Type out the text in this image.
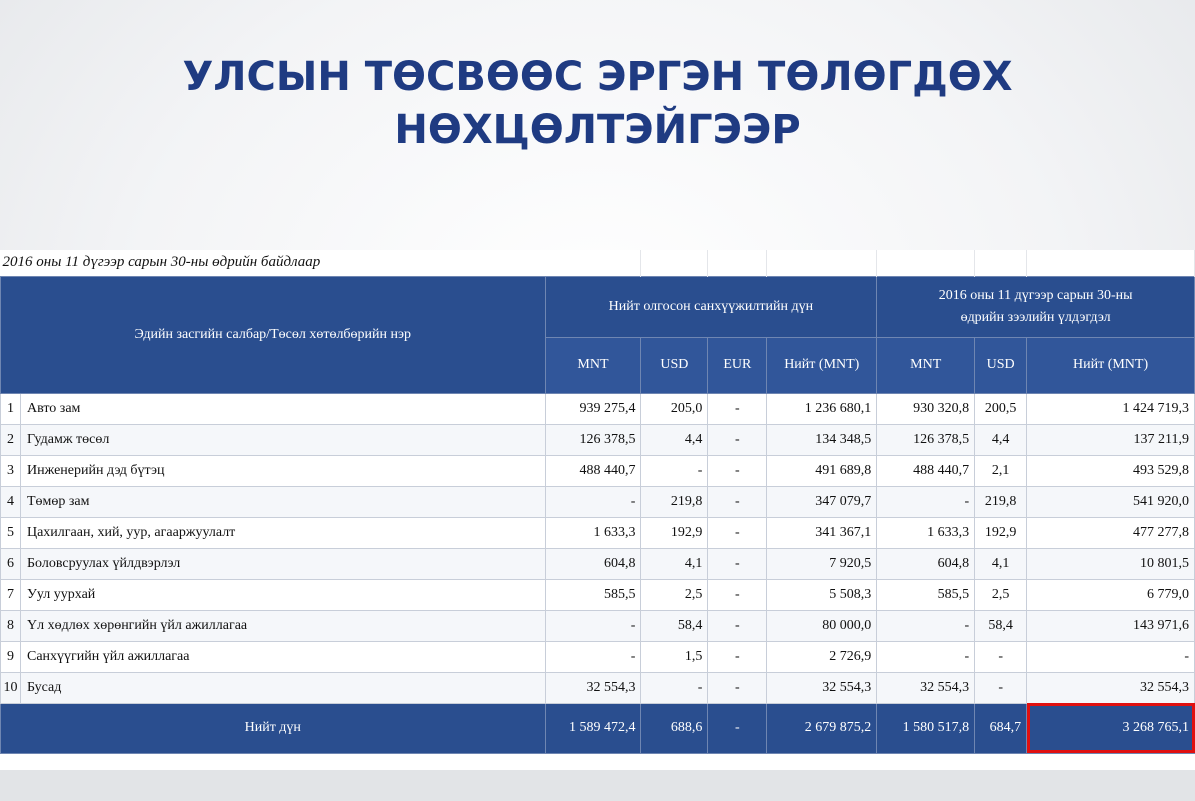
УЛСЫН ТӨСВӨӨС ЭРГЭН ТӨЛӨГДӨХ
НӨХЦӨЛТЭЙГЭЭР
2016 оны 11 дүгээр сарын 30-ны өдрийн байдлаар								
Эдийн засгийн салбар/Төсөл хөтөлбөрийн нэр		Нийт олгосон санхүүжилтийн дүн				2016 оны 11 дүгээр сарын 30-ны
өдрийн зээлийн үлдэгдэл		
		MNT	USD	EUR	Нийт (MNT)	MNT	USD	Нийт (MNT)
1	Авто зам	939 275,4	205,0	-	1 236 680,1	930 320,8	200,5	1 424 719,3
2	Гудамж төсөл	126 378,5	4,4	-	134 348,5	126 378,5	4,4	137 211,9
3	Инженерийн дэд бүтэц	488 440,7	-	-	491 689,8	488 440,7	2,1	493 529,8
4	Төмөр зам	-	219,8	-	347 079,7	-	219,8	541 920,0
5	Цахилгаан, хий, уур, агааржуулалт	1 633,3	192,9	-	341 367,1	1 633,3	192,9	477 277,8
6	Боловсруулах үйлдвэрлэл	604,8	4,1	-	7 920,5	604,8	4,1	10 801,5
7	Уул уурхай	585,5	2,5	-	5 508,3	585,5	2,5	6 779,0
8	Үл хөдлөх хөрөнгийн үйл ажиллагаа	-	58,4	-	80 000,0	-	58,4	143 971,6
9	Санхүүгийн үйл ажиллагаа	-	1,5	-	2 726,9	-	-	-
10	Бусад	32 554,3	-	-	32 554,3	32 554,3	-	32 554,3
Нийт дүн		1 589 472,4	688,6	-	2 679 875,2	1 580 517,8	684,7	3 268 765,1
